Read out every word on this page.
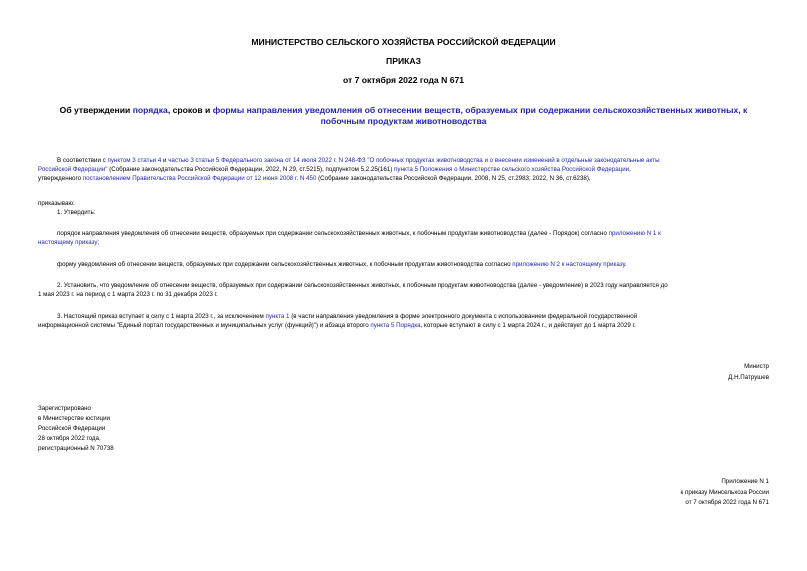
МИНИСТЕРСТВО СЕЛЬСКОГО ХОЗЯЙСТВА РОССИЙСКОЙ ФЕДЕРАЦИИ
ПРИКАЗ
от 7 октября 2022 года N 671
Об утверждении порядка, сроков и формы направления уведомления об отнесении веществ, образуемых при содержании сельскохозяйственных животных, к побочным продуктам животноводства
В соответствии с пунктом 3 статьи 4 и частью 3 статьи 5 Федерального закона от 14 июля 2022 г. N 248-ФЗ "О побочных продуктах животноводства и о внесении изменений в отдельные законодательные акты
Российской Федерации" (Собрание законодательства Российской Федерации, 2022, N 29, ст.5215), подпунктом 5.2.25(161) пункта 5 Положения о Министерстве сельского хозяйства Российской Федерации,
утвержденного постановлением Правительства Российской Федерации от 12 июня 2008 г. N 450 (Собрание законодательства Российской Федерации, 2008, N 25, ст.2983; 2022, N 36, ст.6238),
приказываю:
1. Утвердить:
порядок направления уведомления об отнесении веществ, образуемых при содержании сельскохозяйственных животных, к побочным продуктам животноводства (далее - Порядок) согласно приложению N 1 к
настоящему приказу;
форму уведомления об отнесении веществ, образуемых при содержании сельскохозяйственных животных, к побочным продуктам животноводства согласно приложению N 2 к настоящему приказу.
2. Установить, что уведомление об отнесении веществ, образуемых при содержании сельскохозяйственных животных, к побочным продуктам животноводства (далее - уведомление) в 2023 году направляется до
1 мая 2023 г. на период с 1 марта 2023 г. по 31 декабря 2023 г.
3. Настоящий приказ вступает в силу с 1 марта 2023 г., за исключением пункта 1 (в части направления уведомления в форме электронного документа с использованием федеральной государственной
информационной системы "Единый портал государственных и муниципальных услуг (функций)") и абзаца второго пункта 5 Порядка, которые вступают в силу с 1 марта 2024 г., и действует до 1 марта 2029 г.
Министр
Д.Н.Патрушев
Зарегистрировано
в Министерстве юстиции
Российской Федерации
28 октября 2022 года,
регистрационный N 70738
Приложение N 1
к приказу Минсельхоза России
от 7 октября 2022 года N 671
